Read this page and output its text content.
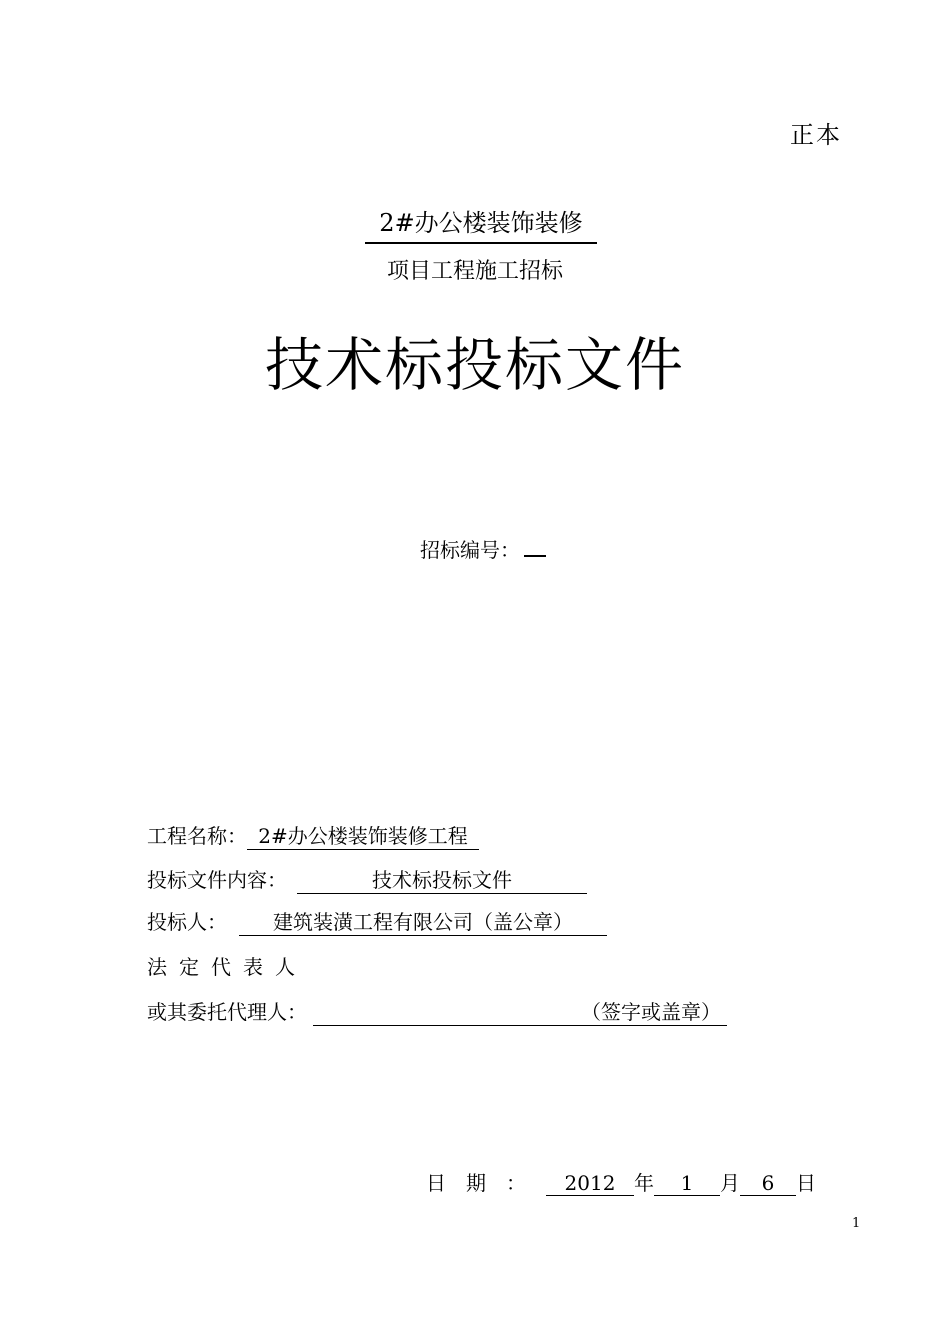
正本
2#办公楼装饰装修
项目工程施工招标
技术标投标文件
招标编号：
工程名称： 2#办公楼装饰装修工程
投标文件内容：	技术标投标文件
投标人： 建筑装潢工程有限公司（盖公章）
法定代表人
或其委托代理人：	（签字或盖章）
日期： 2012 年 1 月 6 日
1
